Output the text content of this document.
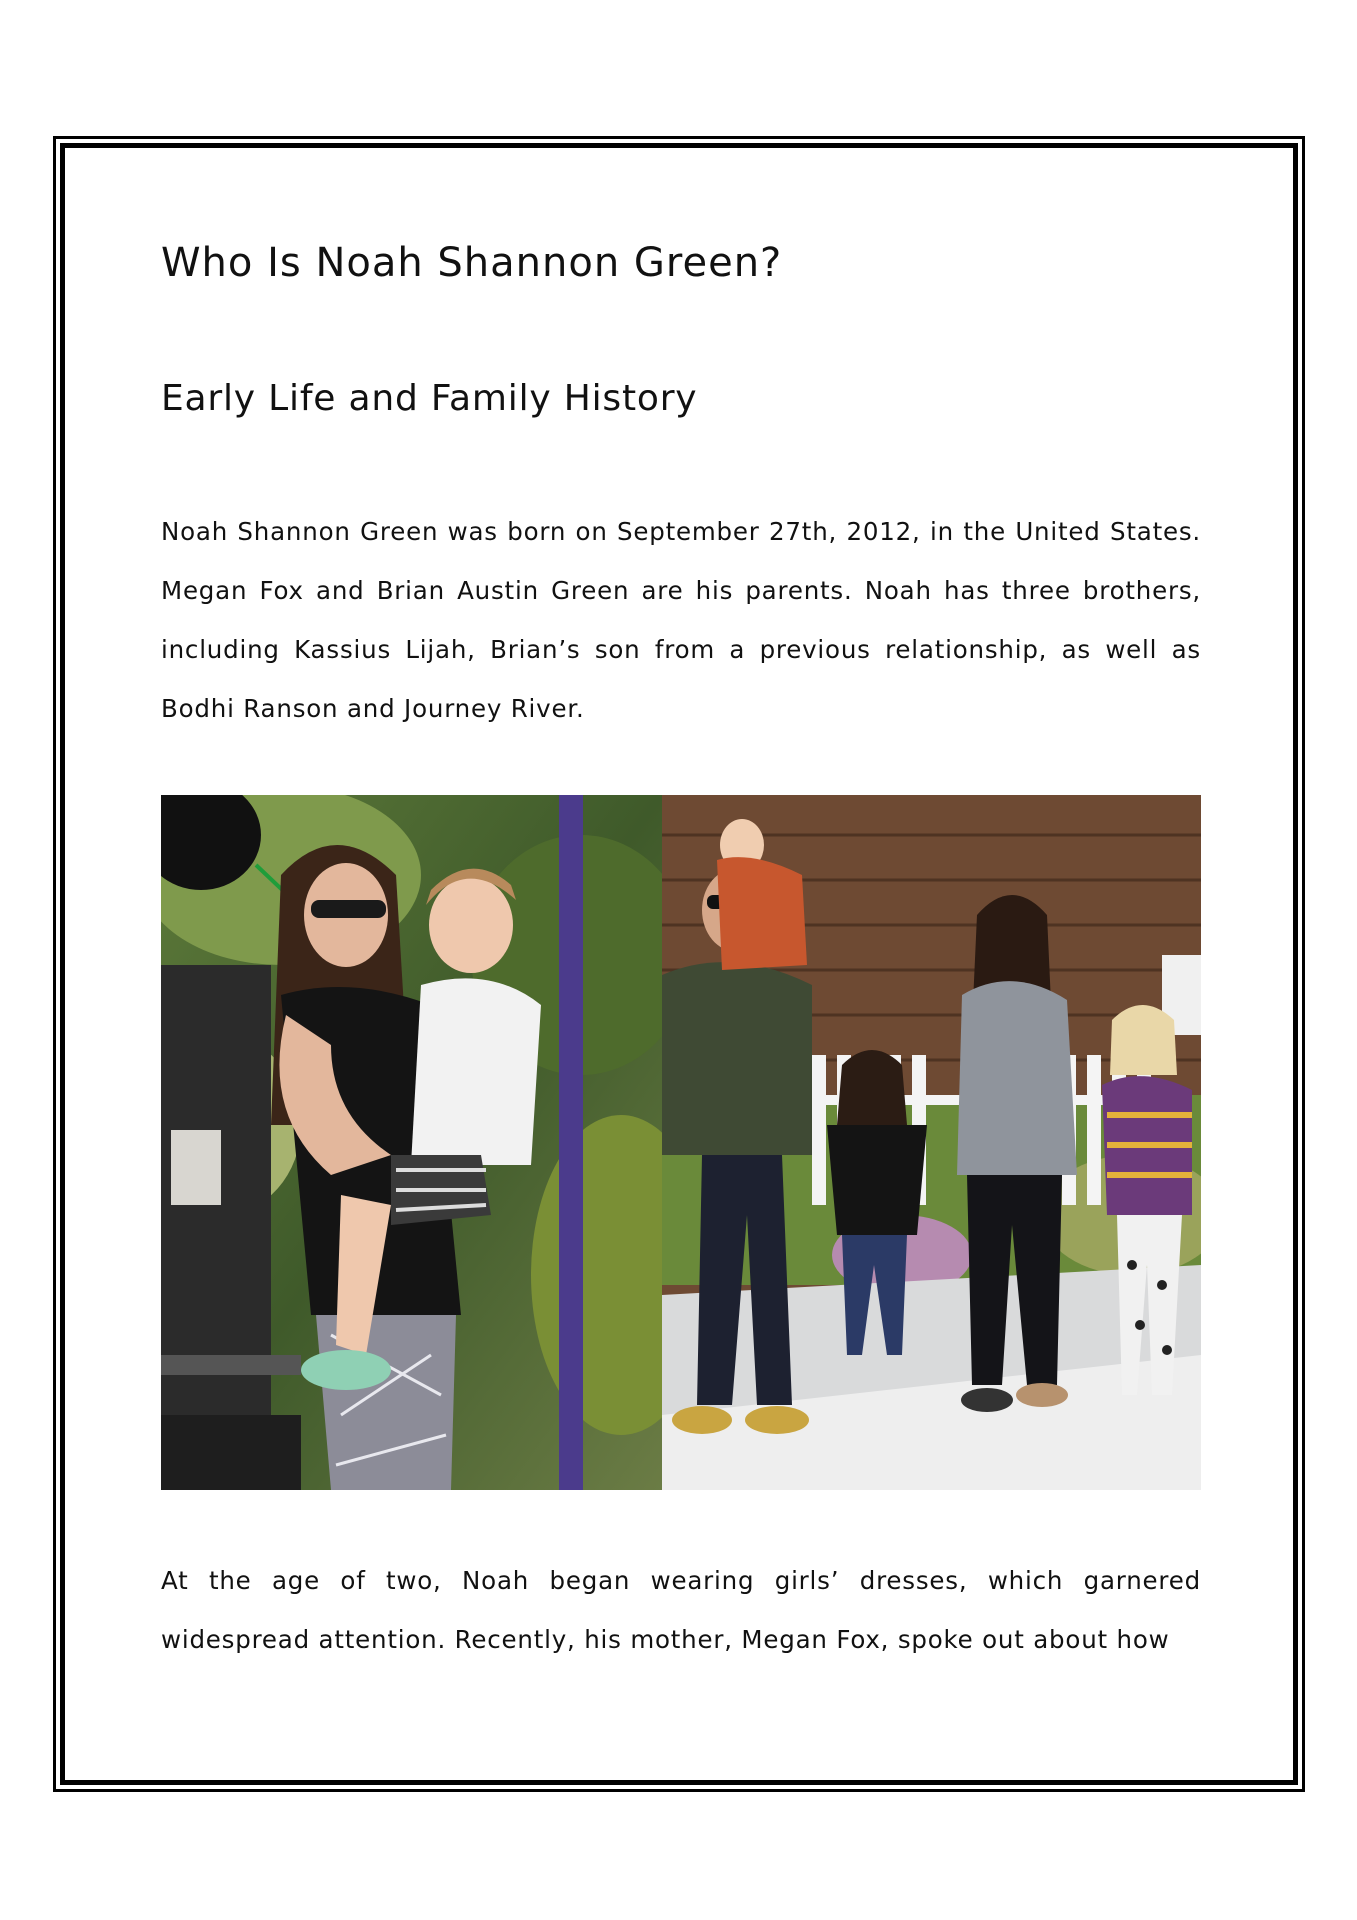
Who Is Noah Shannon Green?
Early Life and Family History

Noah Shannon Green was born on September 27th, 2012, in the United States. Megan Fox and Brian Austin Green are his parents. Noah has three brothers, including Kassius Lijah, Brian’s son from a previous relationship, as well as Bodhi Ranson and Journey River.

At the age of two, Noah began wearing girls’ dresses, which garnered widespread attention. Recently, his mother, Megan Fox, spoke out about how
